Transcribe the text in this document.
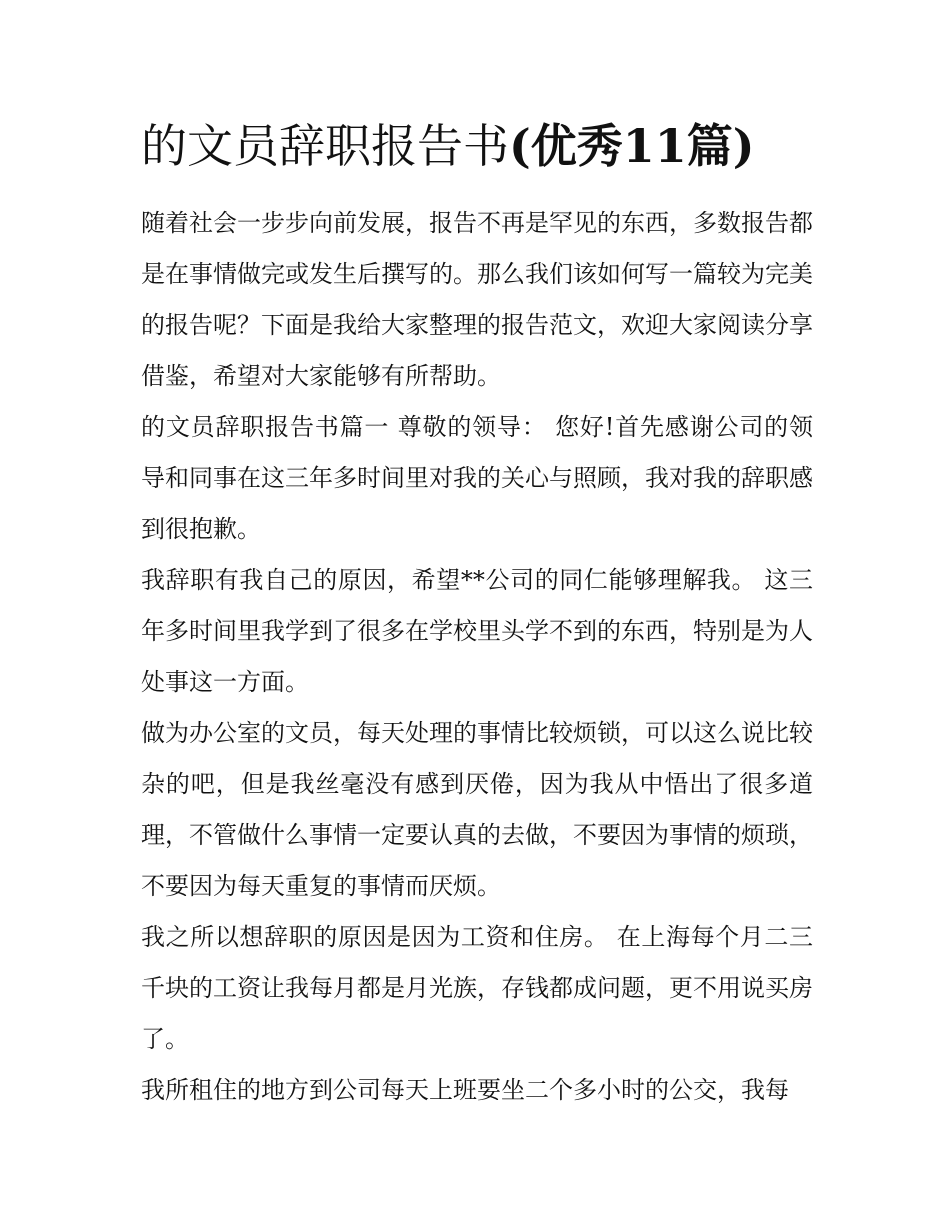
的文员辞职报告书(优秀11篇)

随着社会一步步向前发展，报告不再是罕见的东西，多数报告都是在事情做完或发生后撰写的。那么我们该如何写一篇较为完美的报告呢？下面是我给大家整理的报告范文，欢迎大家阅读分享借鉴，希望对大家能够有所帮助。

的文员辞职报告书篇一 尊敬的领导： 您好!首先感谢公司的领导和同事在这三年多时间里对我的关心与照顾，我对我的辞职感到很抱歉。

我辞职有我自己的原因，希望**公司的同仁能够理解我。 这三年多时间里我学到了很多在学校里头学不到的东西，特别是为人处事这一方面。

做为办公室的文员，每天处理的事情比较烦锁，可以这么说比较杂的吧，但是我丝毫没有感到厌倦，因为我从中悟出了很多道理，不管做什么事情一定要认真的去做，不要因为事情的烦琐，不要因为每天重复的事情而厌烦。

我之所以想辞职的原因是因为工资和住房。 在上海每个月二三千块的工资让我每月都是月光族，存钱都成问题，更不用说买房了。

我所租住的地方到公司每天上班要坐二个多小时的公交，我每
